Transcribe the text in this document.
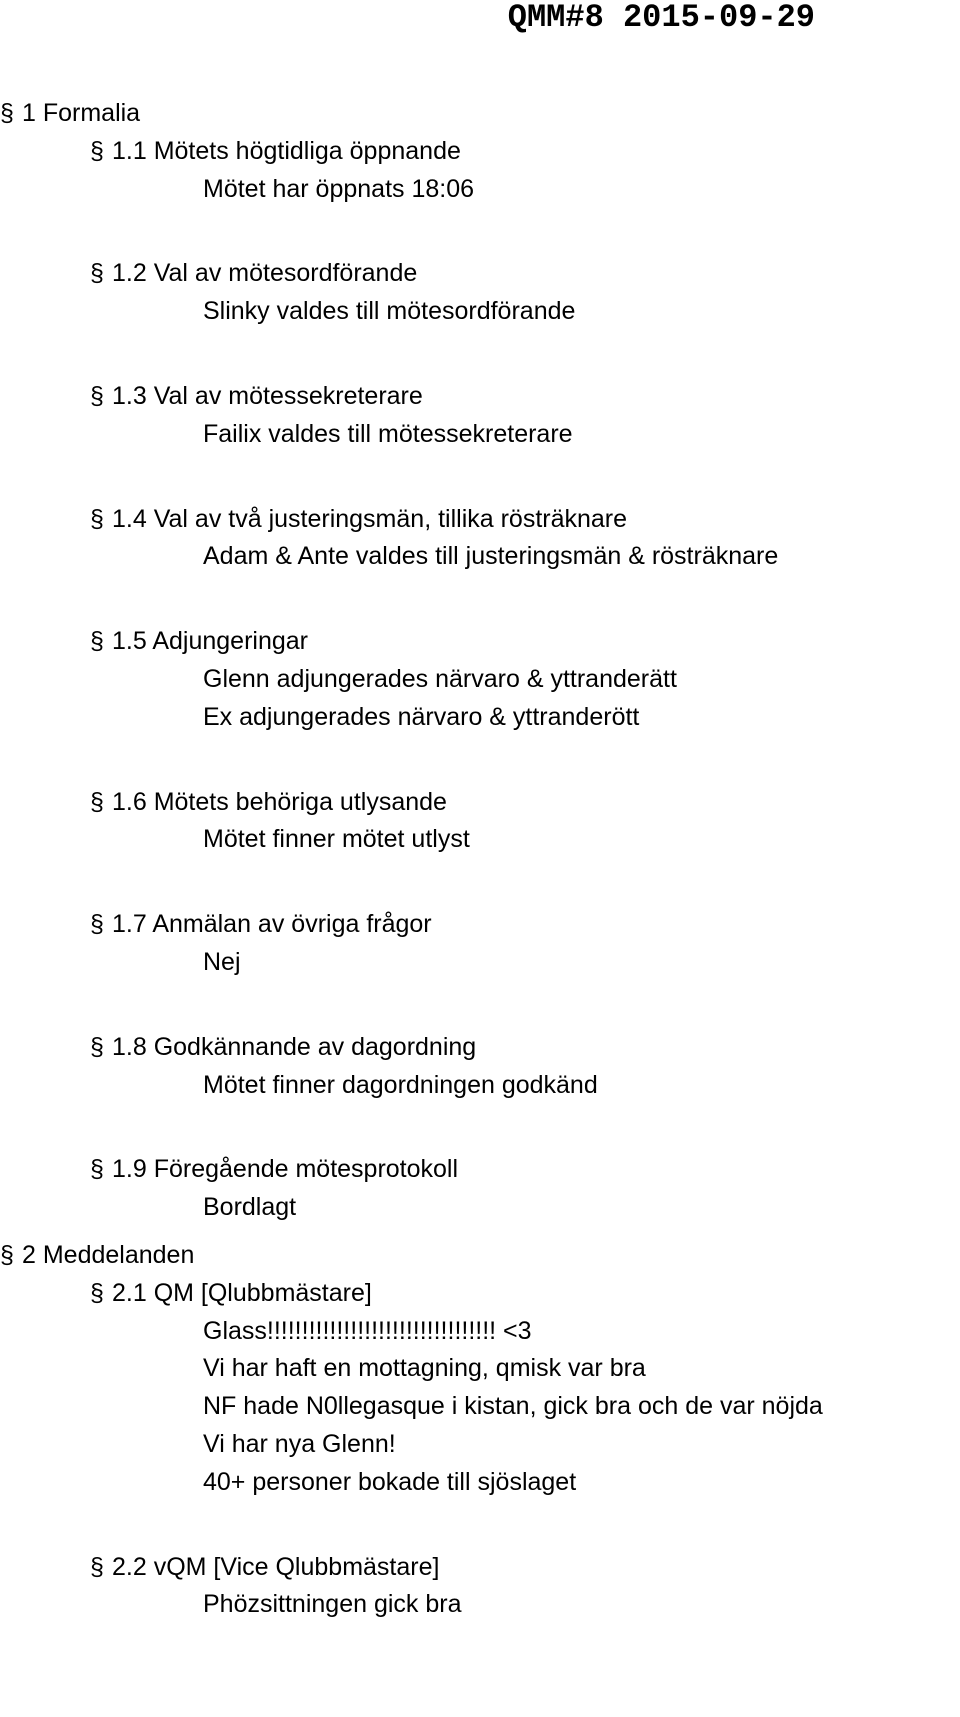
QMM#8 2015-09-29
§ 1 Formalia
§ 1.1 Mötets högtidliga öppnande
Mötet har öppnats 18:06
§ 1.2 Val av mötesordförande
Slinky valdes till mötesordförande
§ 1.3 Val av mötessekreterare
Failix valdes till mötessekreterare
§ 1.4 Val av två justeringsmän, tillika rösträknare
Adam & Ante valdes till justeringsmän & rösträknare
§ 1.5 Adjungeringar
Glenn adjungerades närvaro & yttranderätt
Ex adjungerades närvaro & yttranderött
§ 1.6 Mötets behöriga utlysande
Mötet finner mötet utlyst
§ 1.7 Anmälan av övriga frågor
Nej
§ 1.8 Godkännande av dagordning
Mötet finner dagordningen godkänd
§ 1.9 Föregående mötesprotokoll
Bordlagt
§ 2 Meddelanden
§ 2.1 QM [Qlubbmästare]
Glass!!!!!!!!!!!!!!!!!!!!!!!!!!!!!!!!! <3
Vi har haft en mottagning, qmisk var bra
NF hade N0llegasque i kistan, gick bra och de var nöjda
Vi har nya Glenn!
40+ personer bokade till sjöslaget
§ 2.2 vQM [Vice Qlubbmästare]
Phözsittningen gick bra
